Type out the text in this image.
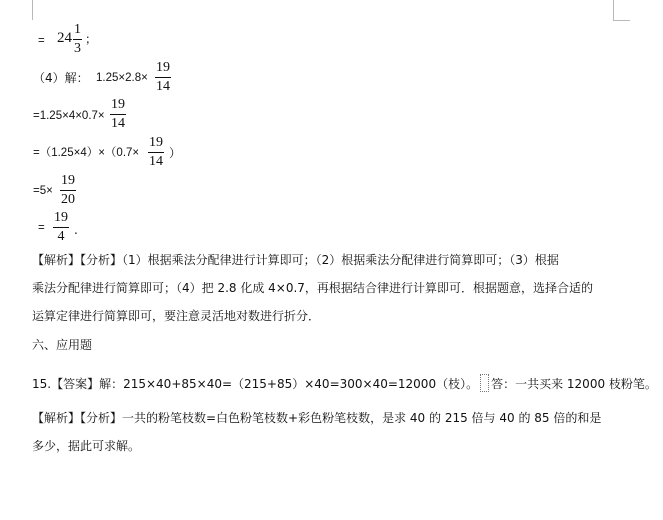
= 24
1
3
；
（4）解： 1.25×2.8×
19
14
=1.25×4×0.7×
19
14
=（1.25×4）×（0.7×
19
14
）
=5×
19
20
=
19
4 .
【解析】【分析】（1）根据乘法分配律进行计算即可；（2）根据乘法分配律进行简算即可；（3）根据
乘法分配律进行简算即可；（4）把 2.8 化成 4×0.7，再根据结合律进行计算即可．根据题意，选择合适的
运算定律进行简算即可，要注意灵活地对数进行折分．
六、应用题
15.【答案】解：215×40+85×40=（215+85）×40=300×40=12000（枝）。 答：一共买来 12000 枝粉笔。
【解析】【分析】一共的粉笔枝数=白色粉笔枝数+彩色粉笔枝数，是求 40 的 215 倍与 40 的 85 倍的和是
多少，据此可求解。
